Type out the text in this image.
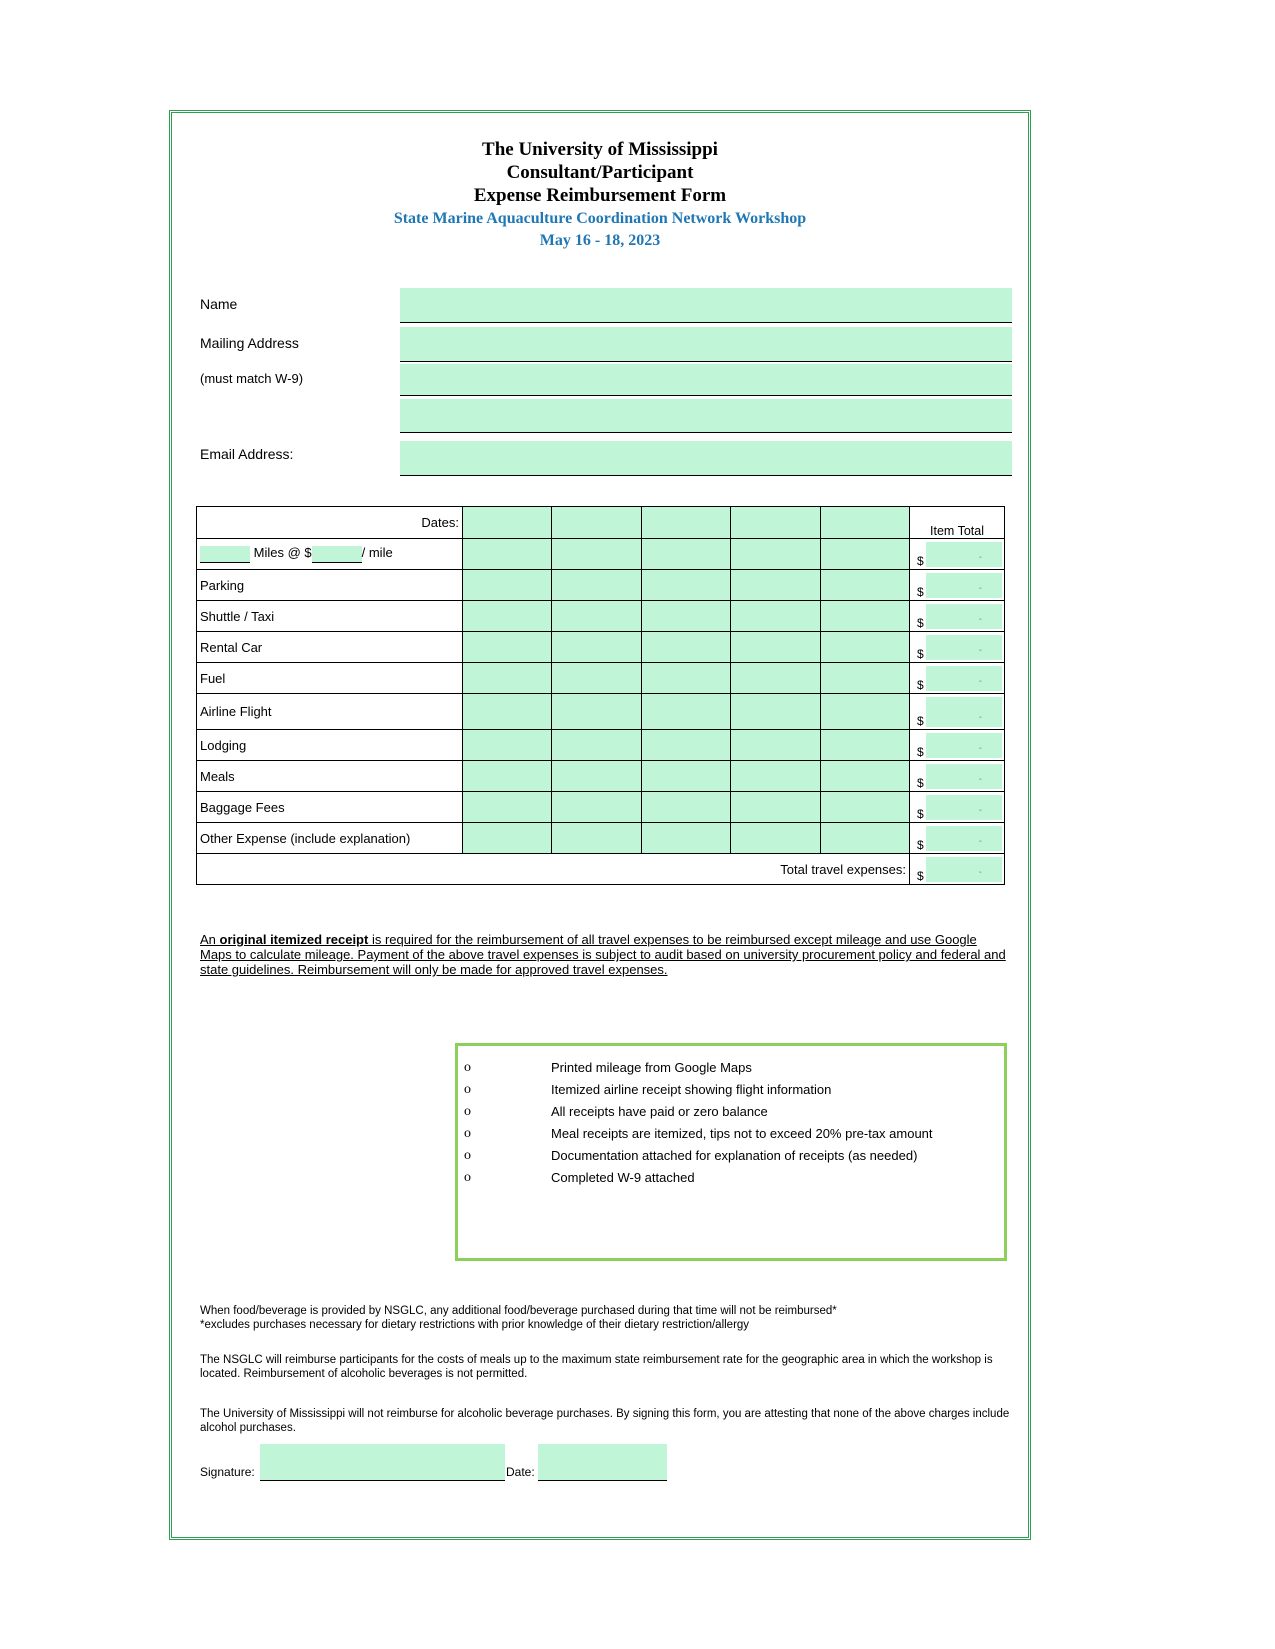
The University of Mississippi
Consultant/Participant
Expense Reimbursement Form
State Marine Aquaculture Coordination Network Workshop
May 16 - 18, 2023
Name
Mailing Address
(must match W-9)
Email Address:
Dates:						Item Total
Miles @ $ / mile						$ -

Parking						$ -

Shuttle / Taxi						$ -

Rental Car						$ -

Fuel						$ -

Airline Flight						$ -

Lodging						$ -

Meals						$ -

Baggage Fees						$ -

Other Expense (include explanation)						$ -

Total travel expenses:						$ -
An original itemized receipt is required for the reimbursement of all travel expenses to be reimbursed except mileage and use Google Maps to calculate mileage. Payment of the above travel expenses is subject to audit based on university procurement policy and federal and state guidelines. Reimbursement will only be made for approved travel expenses.
o	Printed mileage from Google Maps
o	Itemized airline receipt showing flight information
o	All receipts have paid or zero balance
o	Meal receipts are itemized, tips not to exceed 20% pre-tax amount
o	Documentation attached for explanation of receipts (as needed)
o	Completed W-9 attached
When food/beverage is provided by NSGLC, any additional food/beverage purchased during that time will not be reimbursed*
*excludes purchases necessary for dietary restrictions with prior knowledge of their dietary restriction/allergy
The NSGLC will reimburse participants for the costs of meals up to the maximum state reimbursement rate for the geographic area in which the workshop is located. Reimbursement of alcoholic beverages is not permitted.
The University of Mississippi will not reimburse for alcoholic beverage purchases. By signing this form, you are attesting that none of the above charges include alcohol purchases.
Signature:	Date:
